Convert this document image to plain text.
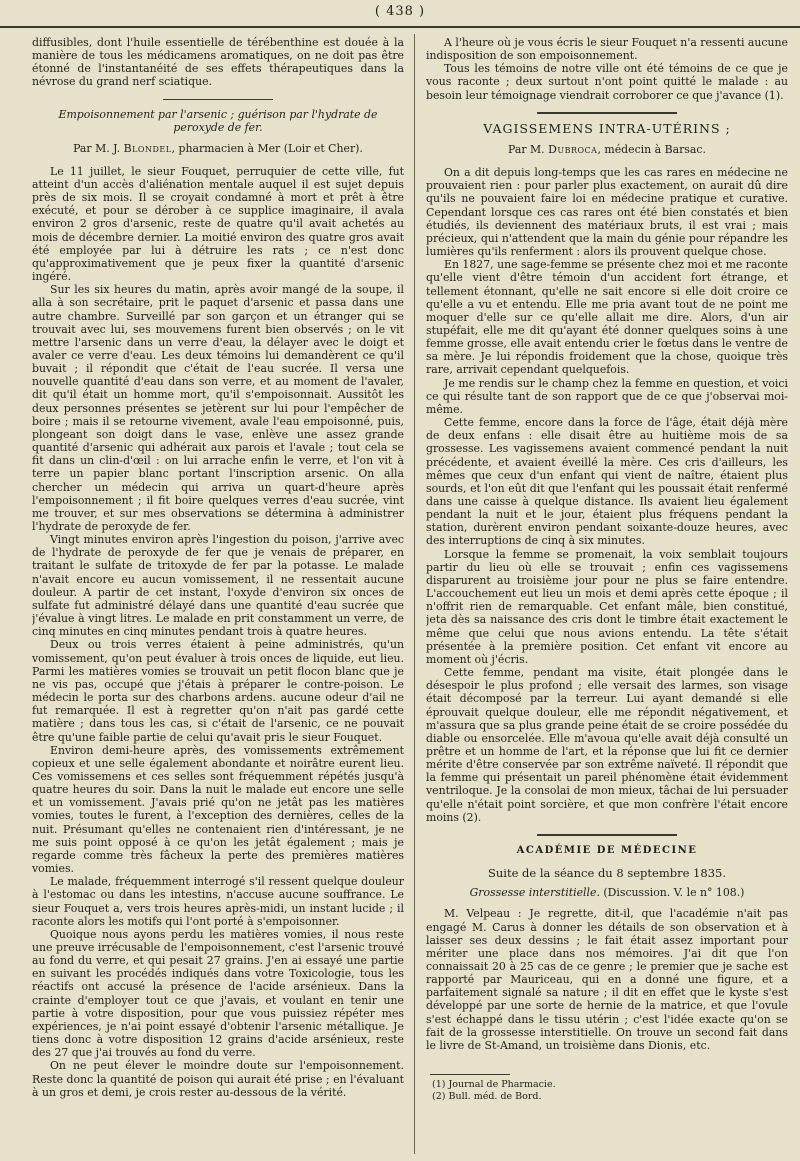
( 438 )

diffusibles, dont l'huile essentielle de térébenthine est douée à la manière de tous les médicamens aromatiques, on ne doit pas être étonné de l'instantanéité de ses effets thérapeutiques dans la névrose du grand nerf sciatique.

Empoisonnement par l'arsenic ; guérison par l'hydrate de peroxyde de fer.

Par M. J. Blondel, pharmacien à Mer (Loir et Cher).

Le 11 juillet, le sieur Fouquet, perruquier de cette ville, fut atteint d'un accès d'aliénation mentale auquel il est sujet depuis près de six mois. Il se croyait condamné à mort et prêt à être exécuté, et pour se dérober à ce supplice imaginaire, il avala environ 2 gros d'arsenic, reste de quatre qu'il avait achetés au mois de décembre dernier. La moitié environ des quatre gros avait été employée par lui à détruire les rats ; ce n'est donc qu'approximativement que je peux fixer la quantité d'arsenic ingéré.

Sur les six heures du matin, après avoir mangé de la soupe, il alla à son secrétaire, prit le paquet d'arsenic et passa dans une autre chambre. Surveillé par son garçon et un étranger qui se trouvait avec lui, ses mouvemens furent bien observés ; on le vit mettre l'arsenic dans un verre d'eau, la délayer avec le doigt et avaler ce verre d'eau. Les deux témoins lui demandèrent ce qu'il buvait ; il répondit que c'était de l'eau sucrée. Il versa une nouvelle quantité d'eau dans son verre, et au moment de l'avaler, dit qu'il était un homme mort, qu'il s'empoisonnait. Aussitôt les deux personnes présentes se jetèrent sur lui pour l'empêcher de boire ; mais il se retourne vivement, avale l'eau empoisonné, puis, plongeant son doigt dans le vase, enlève une assez grande quantité d'arsenic qui adhérait aux parois et l'avale ; tout cela se fit dans un clin-d'œil : on lui arrache enfin le verre, et l'on vit à terre un papier blanc portant l'inscription arsenic. On alla chercher un médecin qui arriva un quart-d'heure après l'empoisonnement ; il fit boire quelques verres d'eau sucrée, vint me trouver, et sur mes observations se détermina à administrer l'hydrate de peroxyde de fer.

Vingt minutes environ après l'ingestion du poison, j'arrive avec de l'hydrate de peroxyde de fer que je venais de préparer, en traitant le sulfate de tritoxyde de fer par la potasse. Le malade n'avait encore eu aucun vomissement, il ne ressentait aucune douleur. A partir de cet instant, l'oxyde d'environ six onces de sulfate fut administré délayé dans une quantité d'eau sucrée que j'évalue à vingt litres. Le malade en prit constamment un verre, de cinq minutes en cinq minutes pendant trois à quatre heures.

Deux ou trois verres étaient à peine administrés, qu'un vomissement, qu'on peut évaluer à trois onces de liquide, eut lieu. Parmi les matières vomies se trouvait un petit flocon blanc que je ne vis pas, occupé que j'étais à préparer le contre-poison. Le médecin le porta sur des charbons ardens. aucune odeur d'ail ne fut remarquée. Il est à regretter qu'on n'ait pas gardé cette matière ; dans tous les cas, si c'était de l'arsenic, ce ne pouvait être qu'une faible partie de celui qu'avait pris le sieur Fouquet.

Environ demi-heure après, des vomissements extrêmement copieux et une selle également abondante et noirâtre eurent lieu. Ces vomissemens et ces selles sont fréquemment répétés jusqu'à quatre heures du soir. Dans la nuit le malade eut encore une selle et un vomissement. J'avais prié qu'on ne jetât pas les matières vomies, toutes le furent, à l'exception des dernières, celles de la nuit. Présumant qu'elles ne contenaient rien d'intéressant, je ne me suis point opposé à ce qu'on les jetât également ; mais je regarde comme très fâcheux la perte des premières matières vomies.

Le malade, fréquemment interrogé s'il ressent quelque douleur à l'estomac ou dans les intestins, n'accuse aucune souffrance. Le sieur Fouquet a, vers trois heures après-midi, un instant lucide ; il raconte alors les motifs qui l'ont porté à s'empoisonner.

Quoique nous ayons perdu les matières vomies, il nous reste une preuve irrécusable de l'empoisonnement, c'est l'arsenic trouvé au fond du verre, et qui pesait 27 grains. J'en ai essayé une partie en suivant les procédés indiqués dans votre Toxicologie, tous les réactifs ont accusé la présence de l'acide arsénieux. Dans la crainte d'employer tout ce que j'avais, et voulant en tenir une partie à votre disposition, pour que vous puissiez répéter mes expériences, je n'ai point essayé d'obtenir l'arsenic métallique. Je tiens donc à votre disposition 12 grains d'acide arsénieux, reste des 27 que j'ai trouvés au fond du verre.

On ne peut élever le moindre doute sur l'empoisonnement. Reste donc la quantité de poison qui aurait été prise ; en l'évaluant à un gros et demi, je crois rester au-dessous de la vérité.

A l'heure où je vous écris le sieur Fouquet n'a ressenti aucune indisposition de son empoisonnement.

Tous les témoins de notre ville ont été témoins de ce que je vous raconte ; deux surtout n'ont point quitté le malade : au besoin leur témoignage viendrait corroborer ce que j'avance (1).

VAGISSEMENS INTRA-UTÉRINS ;

Par M. Dubroca, médecin à Barsac.

On a dit depuis long-temps que les cas rares en médecine ne prouvaient rien : pour parler plus exactement, on aurait dû dire qu'ils ne pouvaient faire loi en médecine pratique et curative. Cependant lorsque ces cas rares ont été bien constatés et bien étudiés, ils deviennent des matériaux bruts, il est vrai ; mais précieux, qui n'attendent que la main du génie pour répandre les lumières qu'ils renferment : alors ils prouvent quelque chose.

En 1827, une sage-femme se présente chez moi et me raconte qu'elle vient d'être témoin d'un accident fort étrange, et tellement étonnant, qu'elle ne sait encore si elle doit croire ce qu'elle a vu et entendu. Elle me pria avant tout de ne point me moquer d'elle sur ce qu'elle allait me dire. Alors, d'un air stupéfait, elle me dit qu'ayant été donner quelques soins à une femme grosse, elle avait entendu crier le fœtus dans le ventre de sa mère. Je lui répondis froidement que la chose, quoique très rare, arrivait cependant quelquefois.

Je me rendis sur le champ chez la femme en question, et voici ce qui résulte tant de son rapport que de ce que j'observai moi-même.

Cette femme, encore dans la force de l'âge, était déjà mère de deux enfans : elle disait être au huitième mois de sa grossesse. Les vagissemens avaient commencé pendant la nuit précédente, et avaient éveillé la mère. Ces cris d'ailleurs, les mêmes que ceux d'un enfant qui vient de naître, étaient plus sourds, et l'on eût dit que l'enfant qui les poussait était renfermé dans une caisse à quelque distance. Ils avaient lieu également pendant la nuit et le jour, étaient plus fréquens pendant la station, durèrent environ pendant soixante-douze heures, avec des interruptions de cinq à six minutes.

Lorsque la femme se promenait, la voix semblait toujours partir du lieu où elle se trouvait ; enfin ces vagissemens disparurent au troisième jour pour ne plus se faire entendre. L'accouchement eut lieu un mois et demi après cette époque ; il n'offrit rien de remarquable. Cet enfant mâle, bien constitué, jeta dès sa naissance des cris dont le timbre était exactement le même que celui que nous avions entendu. La tête s'était présentée à la première position. Cet enfant vit encore au moment où j'écris.

Cette femme, pendant ma visite, était plongée dans le désespoir le plus profond ; elle versait des larmes, son visage était décomposé par la terreur. Lui ayant demandé si elle éprouvait quelque douleur, elle me répondit négativement, et m'assura que sa plus grande peine était de se croire possédée du diable ou ensorcelée. Elle m'avoua qu'elle avait déjà consulté un prêtre et un homme de l'art, et la réponse que lui fit ce dernier mérite d'être conservée par son extrême naïveté. Il répondit que la femme qui présentait un pareil phénomène était évidemment ventriloque. Je la consolai de mon mieux, tâchai de lui persuader qu'elle n'était point sorcière, et que mon confrère l'était encore moins (2).

ACADÉMIE DE MÉDECINE

Suite de la séance du 8 septembre 1835.

Grossesse interstitielle. (Discussion. V. le n° 108.)

M. Velpeau : Je regrette, dit-il, que l'académie n'ait pas engagé M. Carus à donner les détails de son observation et à laisser ses deux dessins ; le fait était assez important pour mériter une place dans nos mémoires. J'ai dit que l'on connaissait 20 à 25 cas de ce genre ; le premier que je sache est rapporté par Mauriceau, qui en a donné une figure, et a parfaitement signalé sa nature ; il dit en effet que le kyste s'est développé par une sorte de hernie de la matrice, et que l'ovule s'est échappé dans le tissu utérin ; c'est l'idée exacte qu'on se fait de la grossesse interstitielle. On trouve un second fait dans le livre de St-Amand, un troisième dans Dionis, etc.

(1) Journal de Pharmacie.

(2) Bull. méd. de Bord.
